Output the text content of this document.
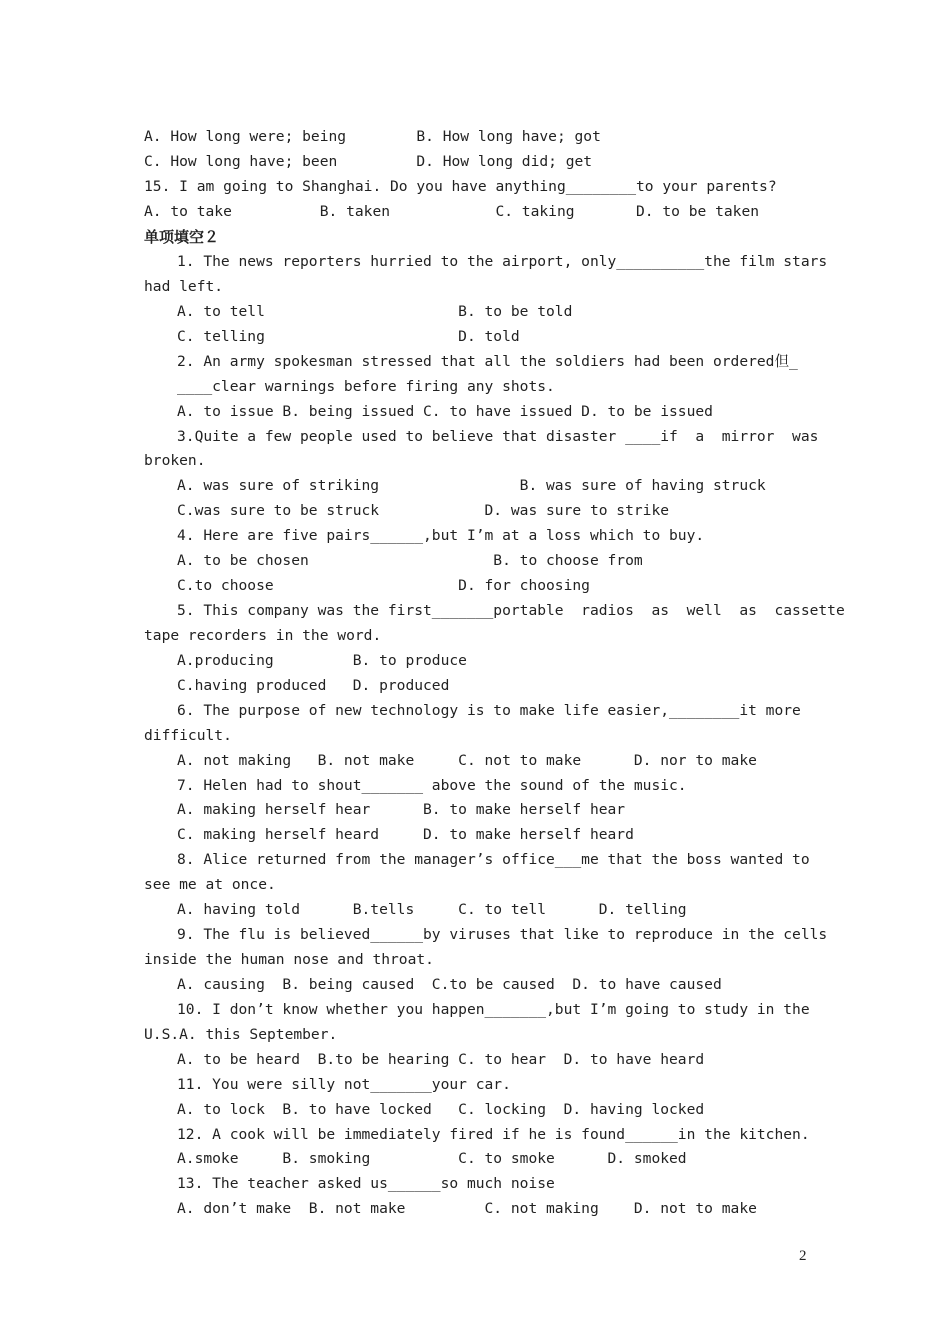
A. How long were; being        B. How long have; got

C. How long have; been         D. How long did; get

15. I am going to Shanghai. Do you have anything________to your parents?

A. to take          B. taken            C. taking       D. to be taken

单项填空２

1. The news reporters hurried to the airport, only__________the film stars

had left.

A. to tell                      B. to be told

C. telling                      D. told

2. An army spokesman stressed that all the soldiers had been ordered但_

____clear warnings before firing any shots.

A. to issue B. being issued C. to have issued D. to be issued

3.Quite a few people used to believe that disaster ____if  a  mirror  was

broken.

A. was sure of striking                B. was sure of having struck

C.was sure to be struck            D. was sure to strike

4. Here are five pairs______,but I’m at a loss which to buy.

A. to be chosen                     B. to choose from

C.to choose                     D. for choosing

5. This company was the first_______portable  radios  as  well  as  cassette

tape recorders in the word.

A.producing         B. to produce

C.having produced   D. produced

6. The purpose of new technology is to make life easier,________it more

difficult.

A. not making   B. not make     C. not to make      D. nor to make

7. Helen had to shout_______ above the sound of the music.

A. making herself hear      B. to make herself hear

C. making herself heard     D. to make herself heard

8. Alice returned from the manager’s office___me that the boss wanted to

see me at once.

A. having told      B.tells     C. to tell      D. telling

9. The flu is believed______by viruses that like to reproduce in the cells

inside the human nose and throat.

A. causing  B. being caused  C.to be caused  D. to have caused

10. I don’t know whether you happen_______,but I’m going to study in the

U.S.A. this September.

A. to be heard  B.to be hearing C. to hear  D. to have heard

11. You were silly not_______your car.

A. to lock  B. to have locked   C. locking  D. having locked

12. A cook will be immediately fired if he is found______in the kitchen.

A.smoke     B. smoking          C. to smoke      D. smoked

13. The teacher asked us______so much noise

A. don’t make  B. not make         C. not making    D. not to make

2
